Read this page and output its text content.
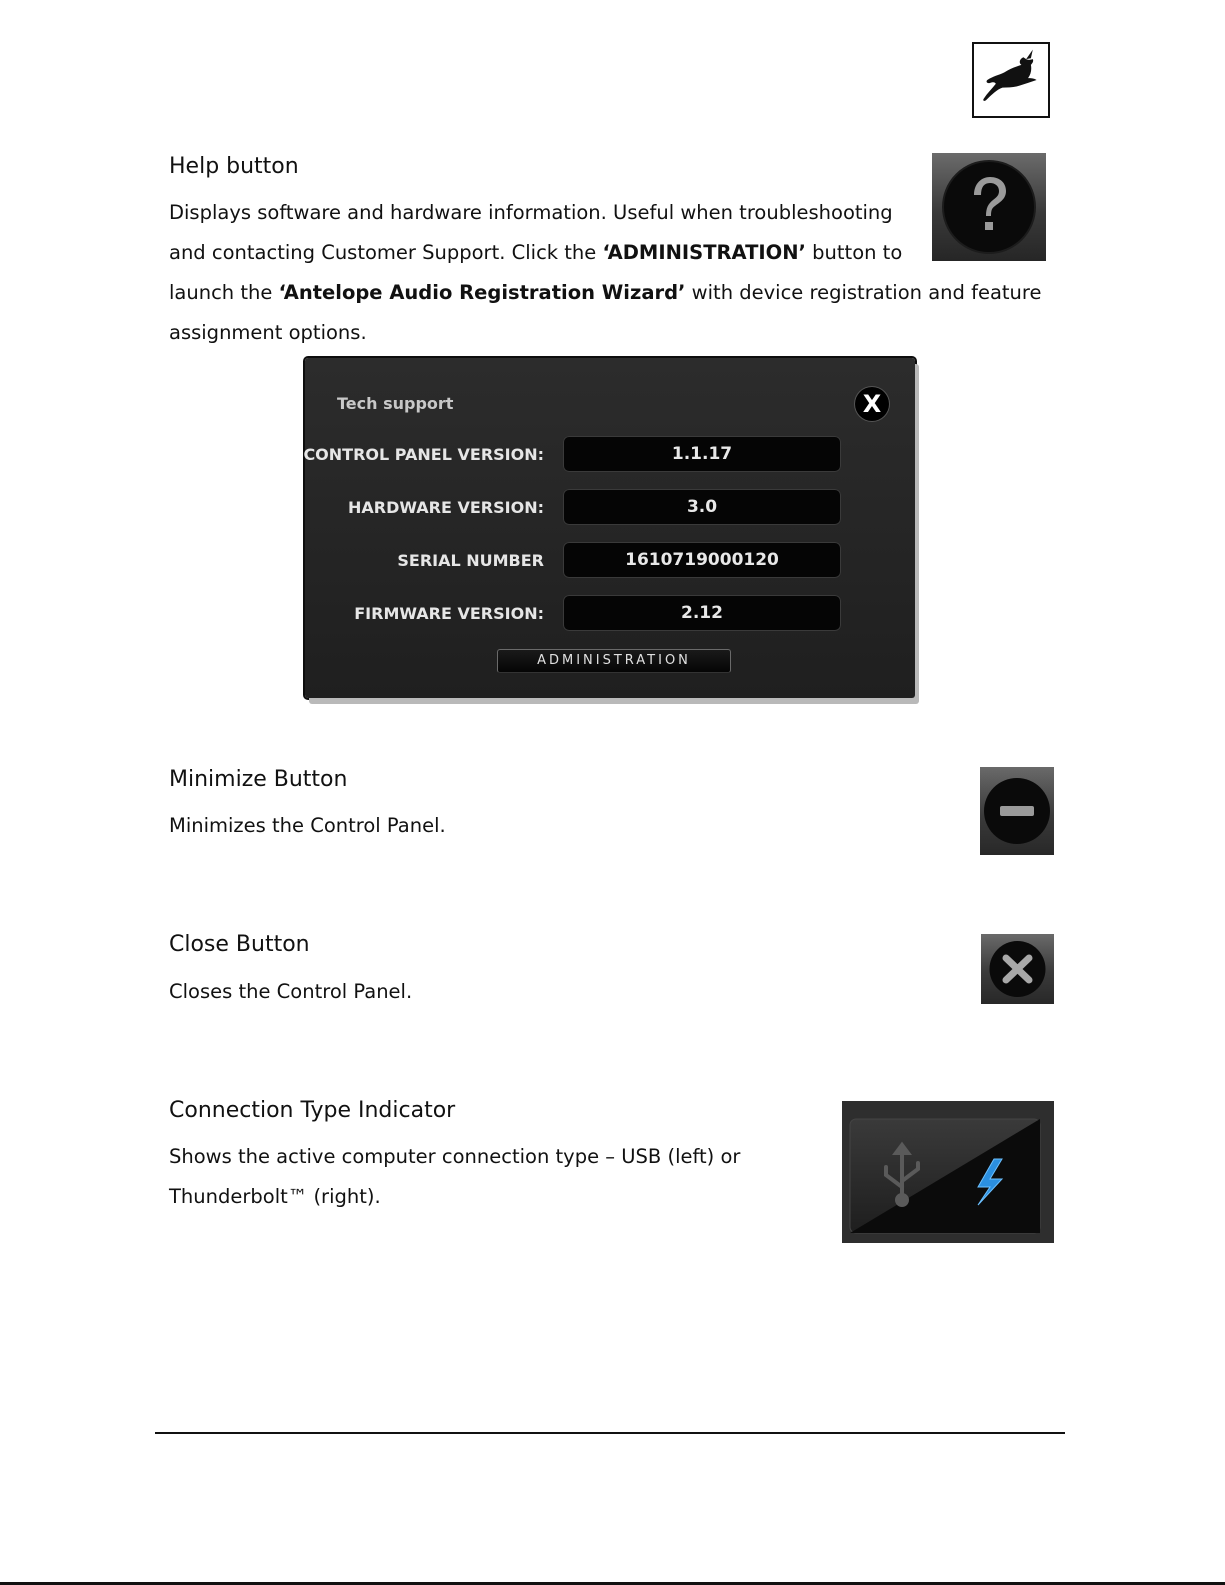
Help button

Displays software and hardware information. Useful when troubleshooting

and contacting Customer Support. Click the ‘ADMINISTRATION’ button to

launch the ‘Antelope Audio Registration Wizard’ with device registration and feature

assignment options.

Tech support	X
CONTROL PANEL VERSION:	1.1.17
HARDWARE VERSION:	3.0
SERIAL NUMBER	1610719000120
FIRMWARE VERSION:	2.12
ADMINISTRATION
Minimize Button

Minimizes the Control Panel.

Close Button

Closes the Control Panel.

Connection Type Indicator

Shows the active computer connection type – USB (left) or

Thunderbolt™ (right).
